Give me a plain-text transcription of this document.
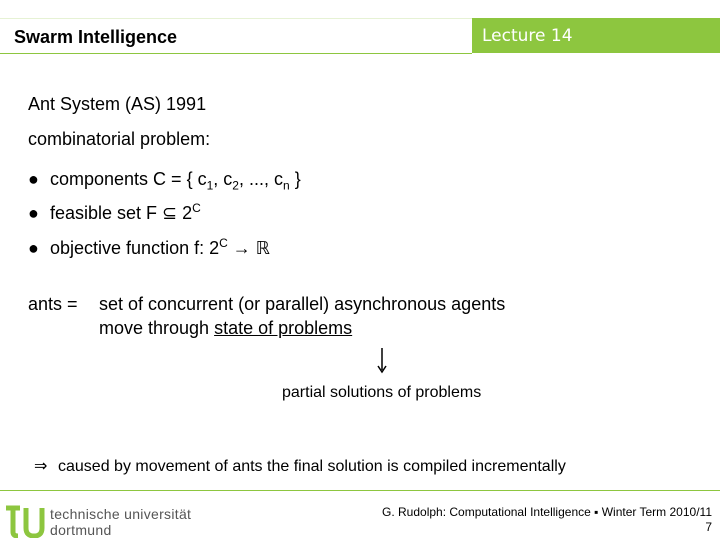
Swarm Intelligence	Lecture 14
Ant System (AS) 1991
combinatorial problem:
● components C = { $c_1$, $c_2$, ..., $c_n$ }
● feasible set F ⊆ $2^C$
● objective function f: $2^C$ → ℝ
ants = set of concurrent (or parallel) asynchronous agents
move through state of problems
partial solutions of problems
⇒ caused by movement of ants the final solution is compiled incrementally
technische universität
dortmund
G. Rudolph: Computational Intelligence ▪ Winter Term 2010/11
7
